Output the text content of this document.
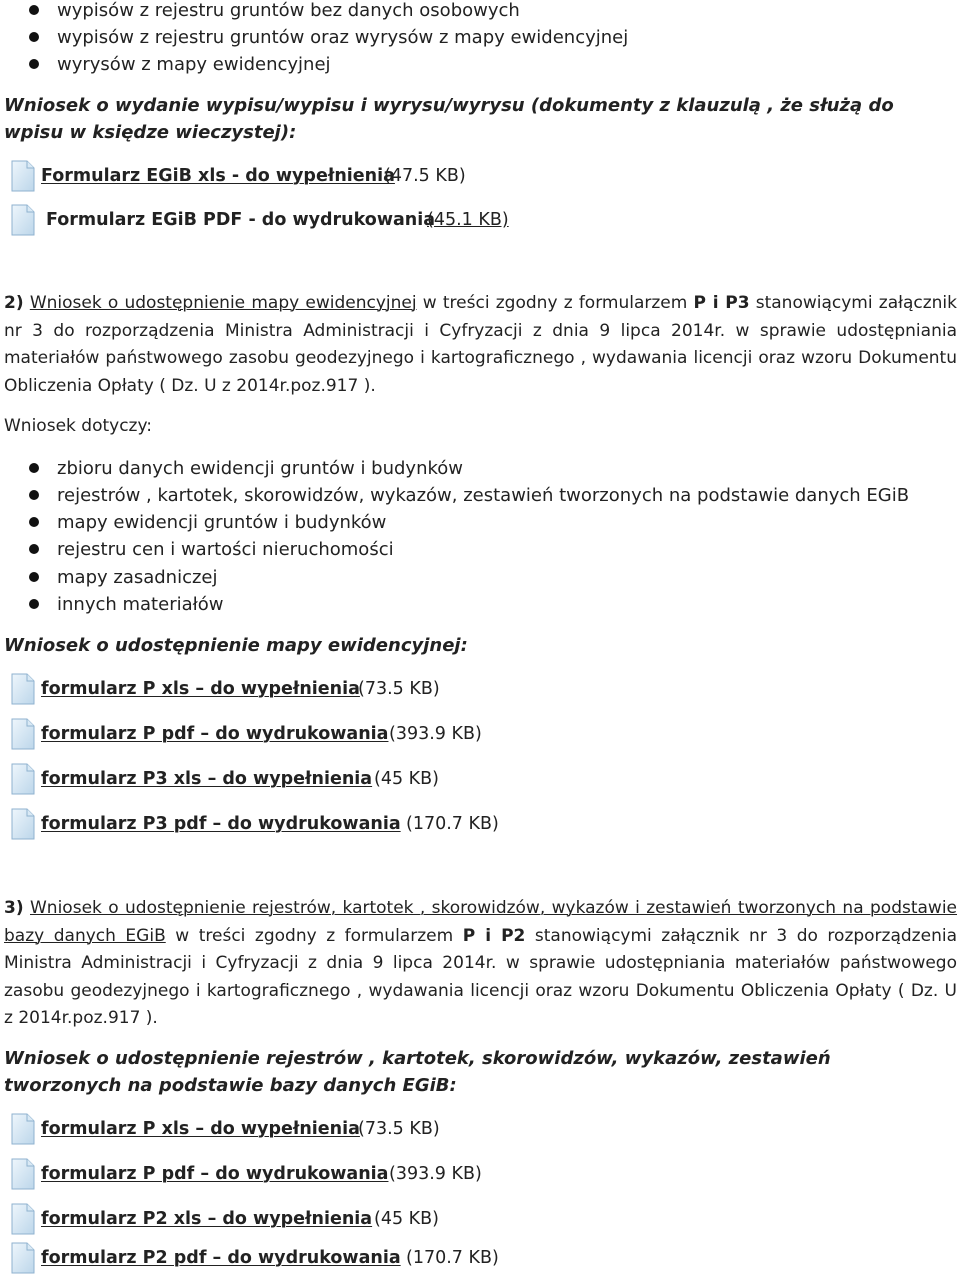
wypisów z rejestru gruntów bez danych osobowych
wypisów z rejestru gruntów oraz wyrysów z mapy ewidencyjnej
wyrysów z mapy ewidencyjnej
Wniosek o wydanie wypisu/wypisu i wyrysu/wyrysu (dokumenty z klauzulą , że służą do wpisu w księdze wieczystej):
Formularz EGiB xls - do wypełnienia
(47.5 KB)
Formularz EGiB PDF - do wydrukowania
(45.1 KB)
2) Wniosek o udostępnienie mapy ewidencyjnej w treści zgodny z formularzem P i P3 stanowiącymi załącznik nr 3 do rozporządzenia Ministra Administracji i Cyfryzacji z dnia 9 lipca 2014r. w sprawie udostępniania materiałów państwowego zasobu geodezyjnego i kartograficznego , wydawania licencji oraz wzoru Dokumentu Obliczenia Opłaty ( Dz. U z 2014r.poz.917 ).
Wniosek dotyczy:
zbioru danych ewidencji gruntów i budynków
rejestrów , kartotek, skorowidzów, wykazów, zestawień tworzonych na podstawie danych EGiB
mapy ewidencji gruntów i budynków
rejestru cen i wartości nieruchomości
mapy zasadniczej
innych materiałów
Wniosek o udostępnienie mapy ewidencyjnej:
formularz P xls – do wypełnienia
(73.5 KB)
formularz P pdf – do wydrukowania (393.9 KB)
formularz P3 xls – do wypełnienia (45 KB)
formularz P3 pdf – do wydrukowania (170.7 KB)
3) Wniosek o udostępnienie rejestrów, kartotek , skorowidzów, wykazów i zestawień tworzonych na podstawie bazy danych EGiB w treści zgodny z formularzem P i P2 stanowiącymi załącznik nr 3 do rozporządzenia Ministra Administracji i Cyfryzacji z dnia 9 lipca 2014r. w sprawie udostępniania materiałów państwowego zasobu geodezyjnego i kartograficznego , wydawania licencji oraz wzoru Dokumentu Obliczenia Opłaty ( Dz. U z 2014r.poz.917 ).
Wniosek o udostępnienie rejestrów , kartotek, skorowidzów, wykazów, zestawień tworzonych na podstawie bazy danych EGiB:
formularz P xls – do wypełnienia
(73.5 KB)
formularz P pdf – do wydrukowania (393.9 KB)
formularz P2 xls – do wypełnienia (45 KB)
formularz P2 pdf – do wydrukowania (170.7 KB)
